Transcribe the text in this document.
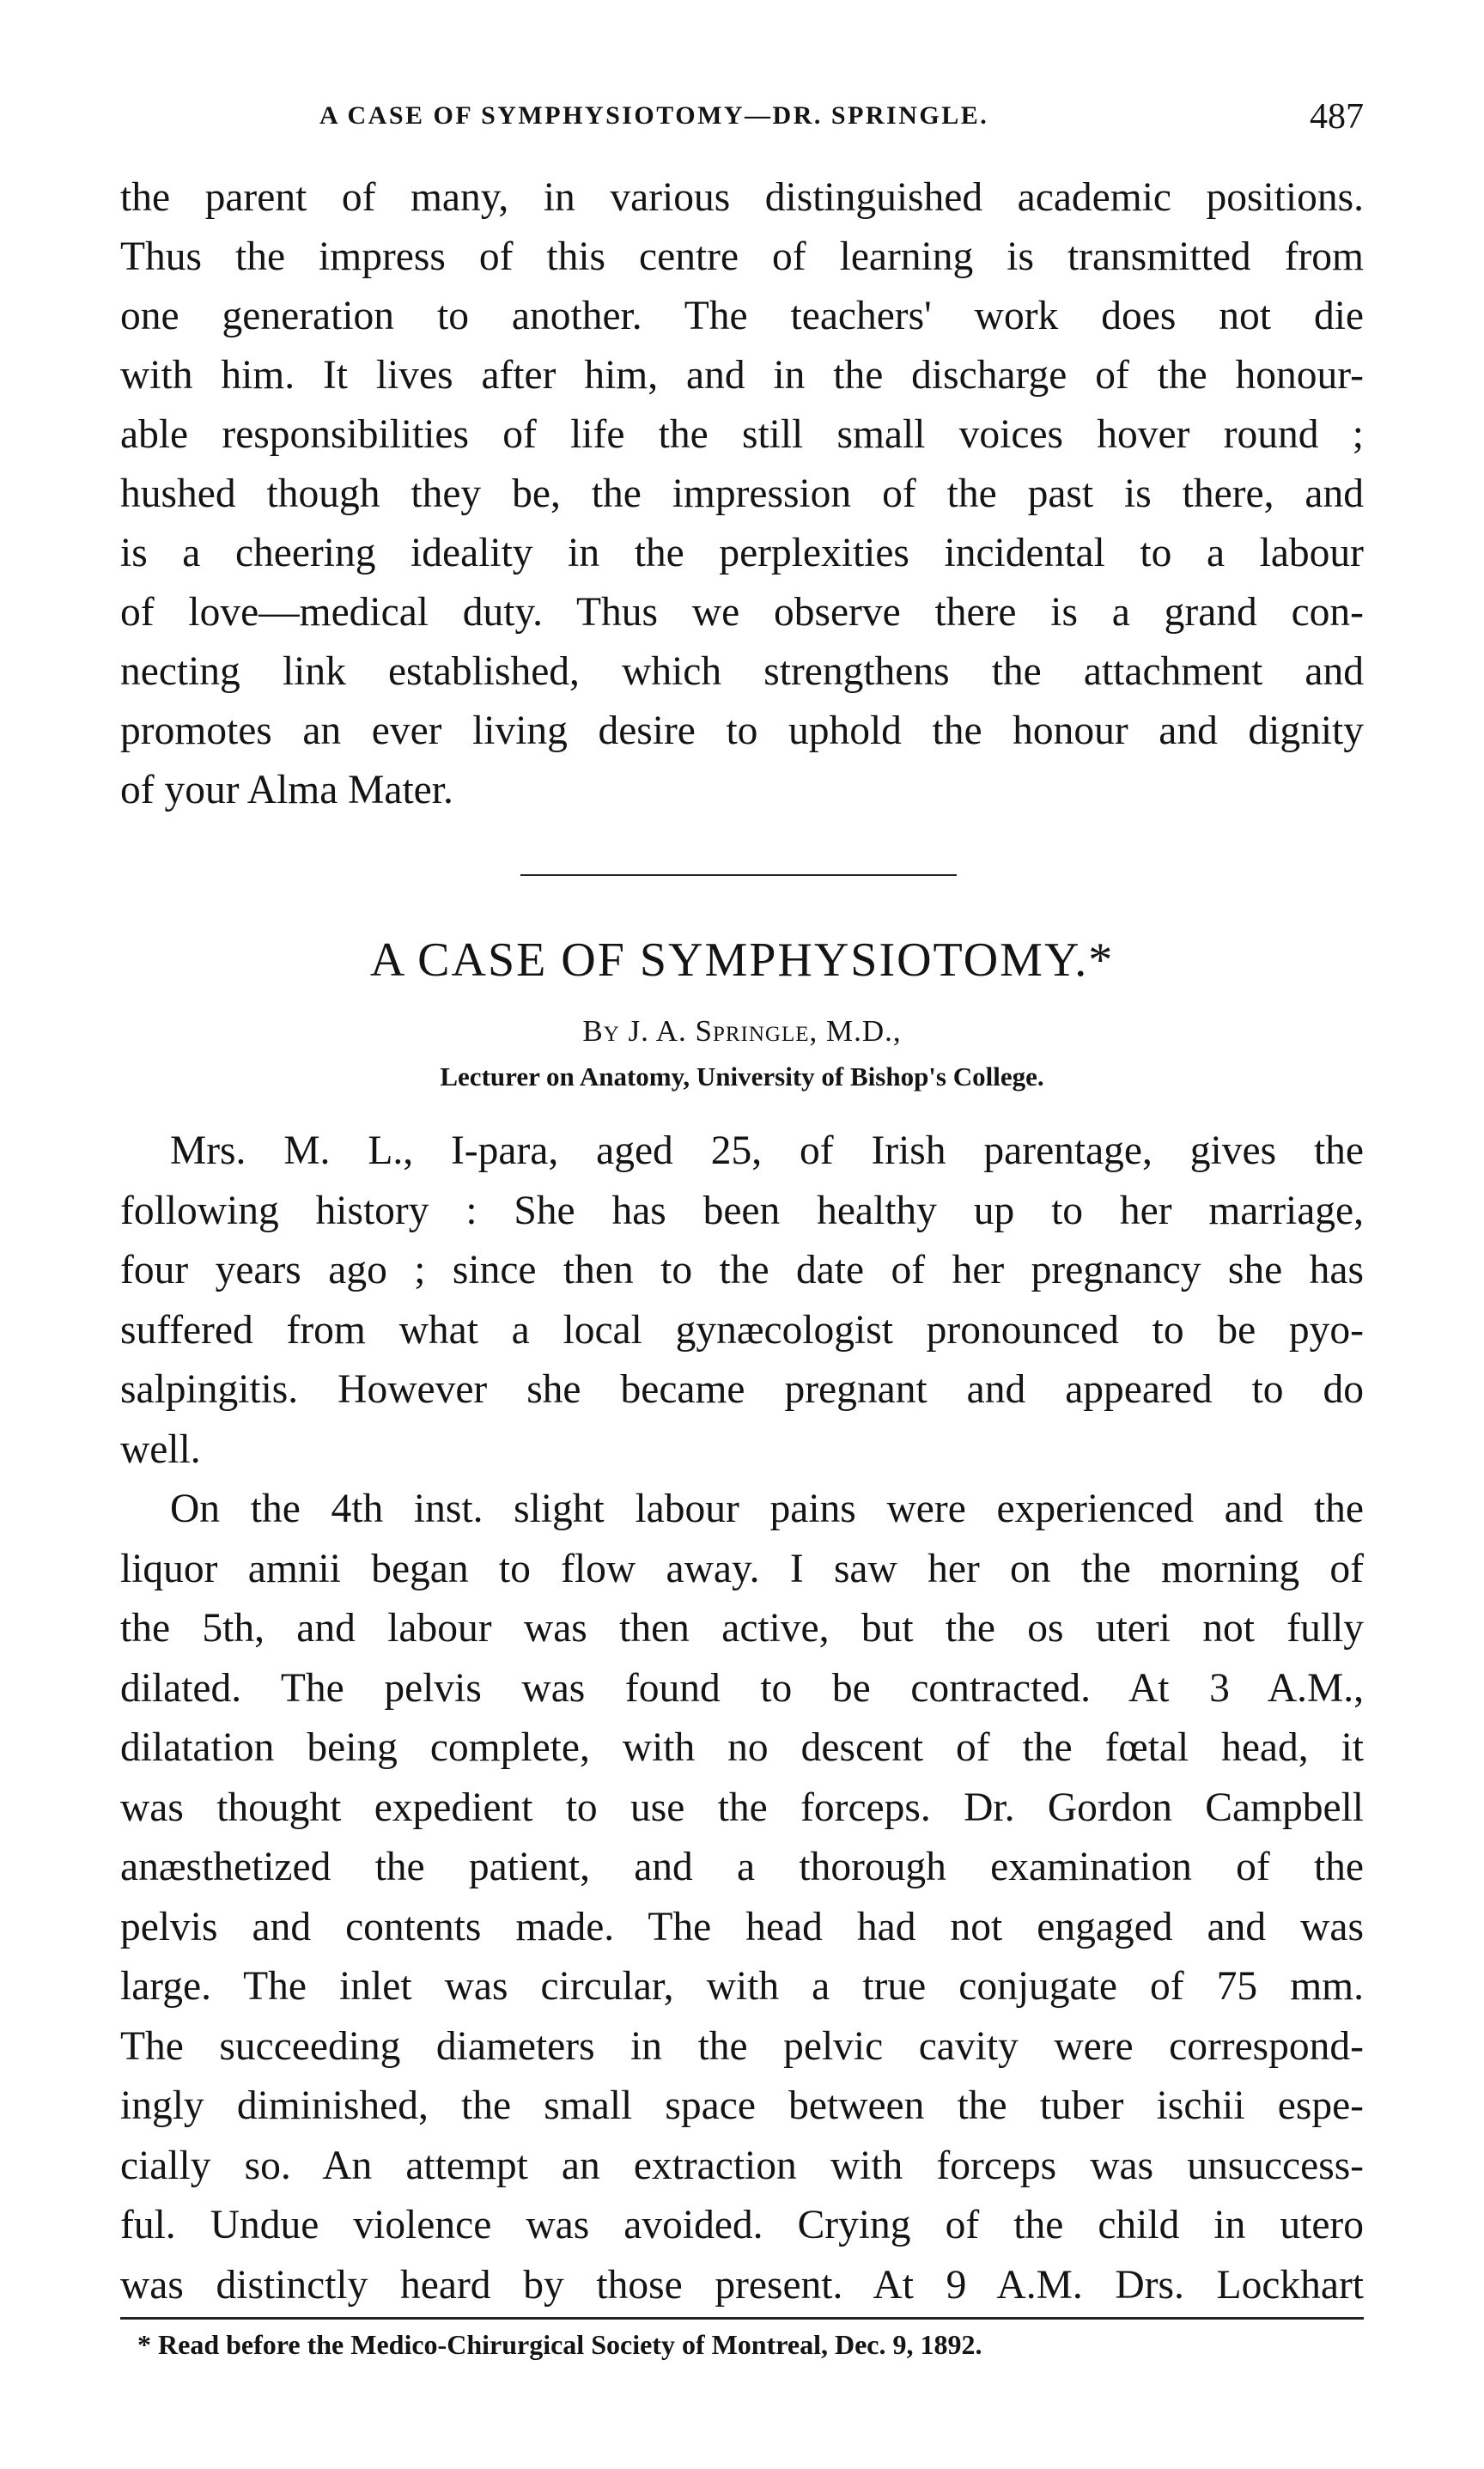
A CASE OF SYMPHYSIOTOMY—DR. SPRINGLE.	487
the parent of many, in various distinguished academic positions.
Thus the impress of this centre of learning is transmitted from
one generation to another. The teachers' work does not die
with him. It lives after him, and in the discharge of the honour-
able responsibilities of life the still small voices hover round ;
hushed though they be, the impression of the past is there, and
is a cheering ideality in the perplexities incidental to a labour
of love—medical duty. Thus we observe there is a grand con-
necting link established, which strengthens the attachment and
promotes an ever living desire to uphold the honour and dignity
of your Alma Mater.
A CASE OF SYMPHYSIOTOMY.*
By J. A. Springle, M.D.,
Lecturer on Anatomy, University of Bishop's College.
Mrs. M. L., I-para, aged 25, of Irish parentage, gives the
following history : She has been healthy up to her marriage,
four years ago ; since then to the date of her pregnancy she has
suffered from what a local gynæcologist pronounced to be pyo-
salpingitis. However she became pregnant and appeared to do
well.
On the 4th inst. slight labour pains were experienced and the
liquor amnii began to flow away. I saw her on the morning of
the 5th, and labour was then active, but the os uteri not fully
dilated. The pelvis was found to be contracted. At 3 A.M.,
dilatation being complete, with no descent of the fœtal head, it
was thought expedient to use the forceps. Dr. Gordon Campbell
anæsthetized the patient, and a thorough examination of the
pelvis and contents made. The head had not engaged and was
large. The inlet was circular, with a true conjugate of 75 mm.
The succeeding diameters in the pelvic cavity were correspond-
ingly diminished, the small space between the tuber ischii espe-
cially so. An attempt an extraction with forceps was unsuccess-
ful. Undue violence was avoided. Crying of the child in utero
was distinctly heard by those present. At 9 A.M. Drs. Lockhart
* Read before the Medico-Chirurgical Society of Montreal, Dec. 9, 1892.
